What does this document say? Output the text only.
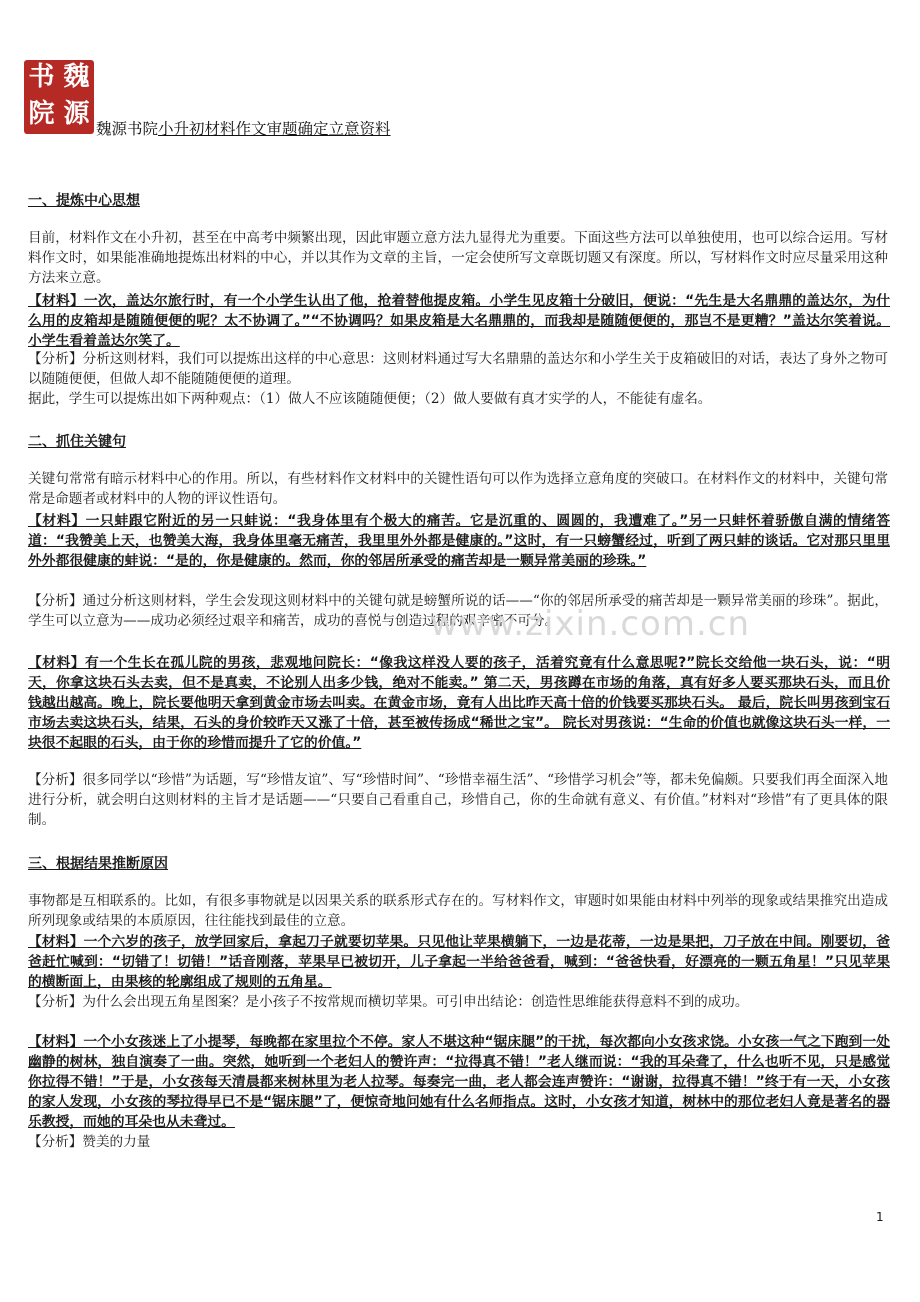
书 魏
院 源 魏源书院小升初材料作文审题确定立意资料
一、提炼中心思想

目前，材料作文在小升初，甚至在中高考中频繁出现，因此审题立意方法九显得尤为重要。下面这些方法可以单独使用，也可以综合运用。写材料作文时，如果能准确地提炼出材料的中心，并以其作为文章的主旨，一定会使所写文章既切题又有深度。所以，写材料作文时应尽量采用这种方法来立意。

【材料】一次，盖达尔旅行时，有一个小学生认出了他，抢着替他提皮箱。小学生见皮箱十分破旧，便说：“先生是大名鼎鼎的盖达尔，为什么用的皮箱却是随随便便的呢？太不协调了。”“不协调吗？如果皮箱是大名鼎鼎的，而我却是随随便便的，那岂不是更糟？”盖达尔笑着说。 小学生看着盖达尔笑了。

【分析】分析这则材料，我们可以提炼出这样的中心意思：这则材料通过写大名鼎鼎的盖达尔和小学生关于皮箱破旧的对话，表达了身外之物可以随随便便，但做人却不能随随便便的道理。

据此，学生可以提炼出如下两种观点：（1）做人不应该随随便便；（2）做人要做有真才实学的人，不能徒有虚名。

二、抓住关键句

关键句常常有暗示材料中心的作用。所以，有些材料作文材料中的关键性语句可以作为选择立意角度的突破口。在材料作文的材料中，关键句常常是命题者或材料中的人物的评议性语句。

【材料】一只蚌跟它附近的另一只蚌说：“我身体里有个极大的痛苦。它是沉重的、圆圆的，我遭难了。”另一只蚌怀着骄傲自满的情绪答道：“我赞美上天，也赞美大海，我身体里毫无痛苦，我里里外外都是健康的。”这时，有一只螃蟹经过，听到了两只蚌的谈话。它对那只里里外外都很健康的蚌说：“是的，你是健康的。然而，你的邻居所承受的痛苦却是一颗异常美丽的珍珠。”

【分析】通过分析这则材料，学生会发现这则材料中的关键句就是螃蟹所说的话——“你的邻居所承受的痛苦却是一颗异常美丽的珍珠”。据此，学生可以立意为——成功必须经过艰辛和痛苦，成功的喜悦与创造过程的艰辛密不可分。

【材料】有一个生长在孤儿院的男孩，悲观地问院长：“像我这样没人要的孩子，活着究竟有什么意思呢?”院长交给他一块石头，说：“明天，你拿这块石头去卖，但不是真卖，不论别人出多少钱，绝对不能卖。” 第二天，男孩蹲在市场的角落，真有好多人要买那块石头，而且价钱越出越高。晚上，院长要他明天拿到黄金市场去叫卖。在黄金市场，竟有人出比昨天高十倍的价钱要买那块石头。 最后，院长叫男孩到宝石市场去卖这块石头，结果，石头的身价较昨天又涨了十倍，甚至被传扬成“稀世之宝”。 院长对男孩说：“生命的价值也就像这块石头一样，一块很不起眼的石头，由于你的珍惜而提升了它的价值。”

【分析】很多同学以“珍惜”为话题，写“珍惜友谊”、写“珍惜时间”、“珍惜幸福生活”、“珍惜学习机会”等，都未免偏颇。只要我们再全面深入地进行分析，就会明白这则材料的主旨才是话题——“只要自己看重自己，珍惜自己，你的生命就有意义、有价值。”材料对“珍惜”有了更具体的限制。

三、根据结果推断原因

事物都是互相联系的。比如，有很多事物就是以因果关系的联系形式存在的。写材料作文，审题时如果能由材料中列举的现象或结果推究出造成所列现象或结果的本质原因，往往能找到最佳的立意。

【材料】一个六岁的孩子，放学回家后，拿起刀子就要切苹果。只见他让苹果横躺下，一边是花蒂，一边是果把，刀子放在中间。刚要切，爸爸赶忙喊到：“切错了！切错！”话音刚落，苹果早已被切开，儿子拿起一半给爸爸看，喊到：“爸爸快看，好漂亮的一颗五角星！”只见苹果的横断面上，由果核的轮廓组成了规则的五角星。

【分析】为什么会出现五角星图案？是小孩子不按常规而横切苹果。可引申出结论：创造性思维能获得意料不到的成功。

【材料】一个小女孩迷上了小提琴，每晚都在家里拉个不停。家人不堪这种“锯床腿”的干扰，每次都向小女孩求饶。小女孩一气之下跑到一处幽静的树林，独自演奏了一曲。突然，她听到一个老妇人的赞许声：“拉得真不错！”老人继而说：“我的耳朵聋了，什么也听不见，只是感觉你拉得不错！”于是，小女孩每天清晨都来树林里为老人拉琴。每奏完一曲，老人都会连声赞许：“谢谢，拉得真不错！”终于有一天，小女孩的家人发现，小女孩的琴拉得早已不是“锯床腿”了，便惊奇地问她有什么名师指点。这时，小女孩才知道，树林中的那位老妇人竟是著名的器乐教授，而她的耳朵也从未聋过。

【分析】赞美的力量

www.zixin.com.cn
1
